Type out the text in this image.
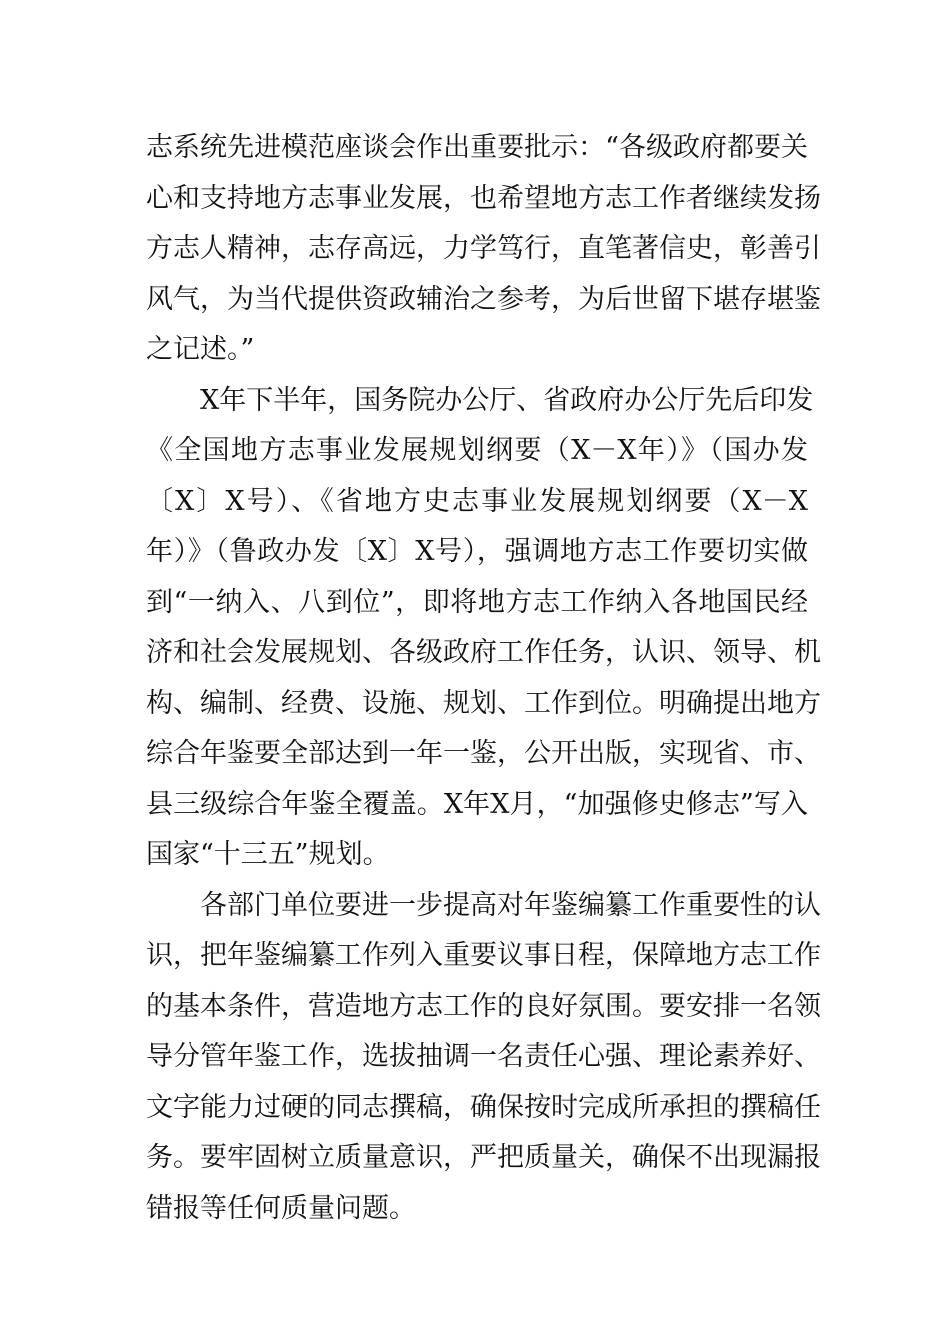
志系统先进模范座谈会作出重要批示：“各级政府都要关
心和支持地方志事业发展，也希望地方志工作者继续发扬
方志人精神，志存高远，力学笃行，直笔著信史，彰善引
风气，为当代提供资政辅治之参考，为后世留下堪存堪鉴
之记述。”
X年下半年，国务院办公厅、省政府办公厅先后印发
《全国地方志事业发展规划纲要（X－X年）》（国办发
〔X〕X号）、《省地方史志事业发展规划纲要（X－X
年）》（鲁政办发〔X〕X号），强调地方志工作要切实做
到“一纳入、八到位”，即将地方志工作纳入各地国民经
济和社会发展规划、各级政府工作任务，认识、领导、机
构、编制、经费、设施、规划、工作到位。明确提出地方
综合年鉴要全部达到一年一鉴，公开出版，实现省、市、
县三级综合年鉴全覆盖。X年X月，“加强修史修志”写入
国家“十三五”规划。
各部门单位要进一步提高对年鉴编纂工作重要性的认
识，把年鉴编纂工作列入重要议事日程，保障地方志工作
的基本条件，营造地方志工作的良好氛围。要安排一名领
导分管年鉴工作，选拔抽调一名责任心强、理论素养好、
文字能力过硬的同志撰稿，确保按时完成所承担的撰稿任
务。要牢固树立质量意识，严把质量关，确保不出现漏报
错报等任何质量问题。
